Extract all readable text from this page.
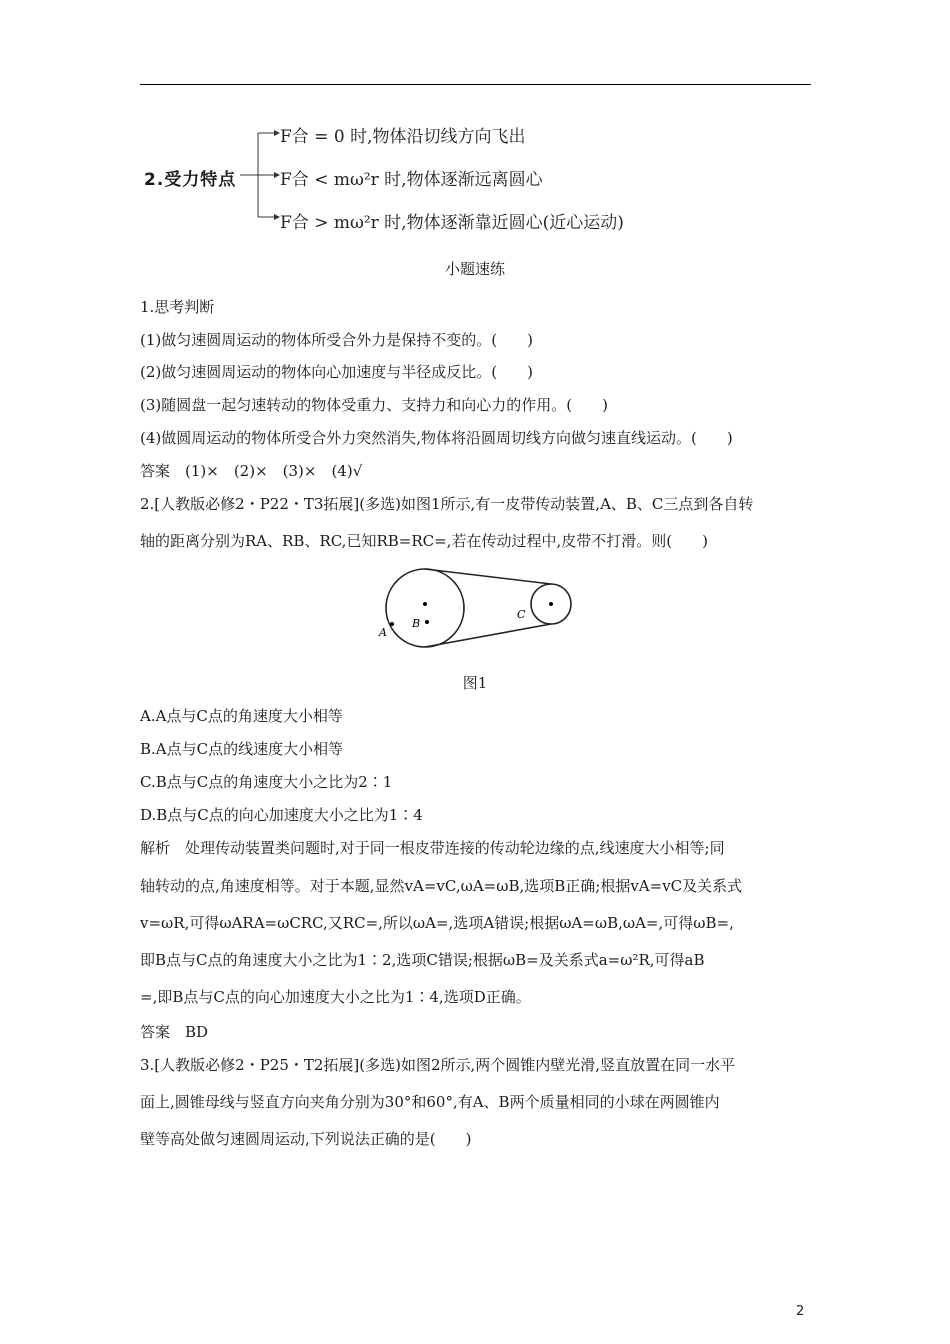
2.受力特点
F合 = 0 时,物体沿切线方向飞出
F合 < mω²r 时,物体逐渐远离圆心
F合 > mω²r 时,物体逐渐靠近圆心(近心运动)
小题速练
1.思考判断
(1)做匀速圆周运动的物体所受合外力是保持不变的。(　　)
(2)做匀速圆周运动的物体向心加速度与半径成反比。(　　)
(3)随圆盘一起匀速转动的物体受重力、支持力和向心力的作用。(　　)
(4)做圆周运动的物体所受合外力突然消失,物体将沿圆周切线方向做匀速直线运动。(　　)
答案　(1)×　(2)×　(3)×　(4)√
2.[人教版必修2・P22・T3拓展](多选)如图1所示,有一皮带传动装置,A、B、C三点到各自转
轴的距离分别为RA、RB、RC,已知RB=RC=,若在传动过程中,皮带不打滑。则(　　)
A
B
C
图1
A.A点与C点的角速度大小相等
B.A点与C点的线速度大小相等
C.B点与C点的角速度大小之比为2∶1
D.B点与C点的向心加速度大小之比为1∶4
解析　处理传动装置类问题时,对于同一根皮带连接的传动轮边缘的点,线速度大小相等;同
轴转动的点,角速度相等。对于本题,显然vA=vC,ωA=ωB,选项B正确;根据vA=vC及关系式
v=ωR,可得ωARA=ωCRC,又RC=,所以ωA=,选项A错误;根据ωA=ωB,ωA=,可得ωB=,
即B点与C点的角速度大小之比为1∶2,选项C错误;根据ωB=及关系式a=ω²R,可得aB
=,即B点与C点的向心加速度大小之比为1∶4,选项D正确。
答案　BD
3.[人教版必修2・P25・T2拓展](多选)如图2所示,两个圆锥内壁光滑,竖直放置在同一水平
面上,圆锥母线与竖直方向夹角分别为30°和60°,有A、B两个质量相同的小球在两圆锥内
壁等高处做匀速圆周运动,下列说法正确的是(　　)
2
